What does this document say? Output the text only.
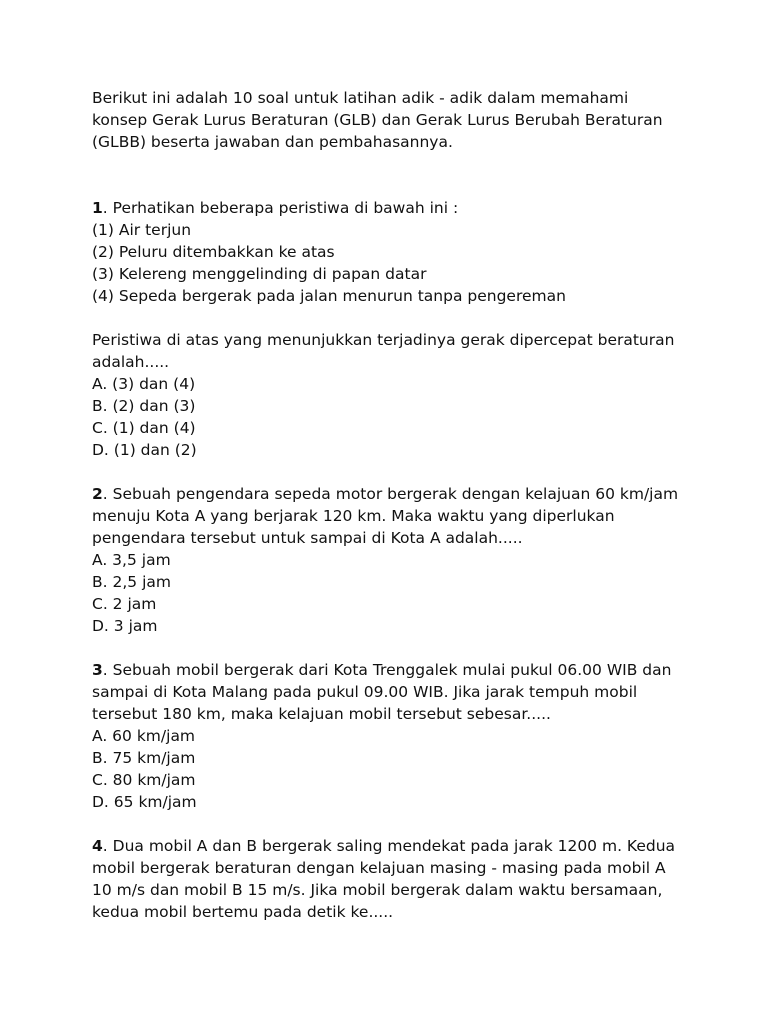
Berikut ini adalah 10 soal untuk latihan adik - adik dalam memahami
konsep Gerak Lurus Beraturan (GLB) dan Gerak Lurus Berubah Beraturan
(GLBB) beserta jawaban dan pembahasannya.
1. Perhatikan beberapa peristiwa di bawah ini :
(1) Air terjun
(2) Peluru ditembakkan ke atas
(3) Kelereng menggelinding di papan datar
(4) Sepeda bergerak pada jalan menurun tanpa pengereman
Peristiwa di atas yang menunjukkan terjadinya gerak dipercepat beraturan
adalah.....
A. (3) dan (4)
B. (2) dan (3)
C. (1) dan (4)
D. (1) dan (2)
2. Sebuah pengendara sepeda motor bergerak dengan kelajuan 60 km/jam
menuju Kota A yang berjarak 120 km. Maka waktu yang diperlukan
pengendara tersebut untuk sampai di Kota A adalah.....
A. 3,5 jam
B. 2,5 jam
C. 2 jam
D. 3 jam
3. Sebuah mobil bergerak dari Kota Trenggalek mulai pukul 06.00 WIB dan
sampai di Kota Malang pada pukul 09.00 WIB. Jika jarak tempuh mobil
tersebut 180 km, maka kelajuan mobil tersebut sebesar.....
A. 60 km/jam
B. 75 km/jam
C. 80 km/jam
D. 65 km/jam
4. Dua mobil A dan B bergerak saling mendekat pada jarak 1200 m. Kedua
mobil bergerak beraturan dengan kelajuan masing - masing pada mobil A
10 m/s dan mobil B 15 m/s. Jika mobil bergerak dalam waktu bersamaan,
kedua mobil bertemu pada detik ke.....
